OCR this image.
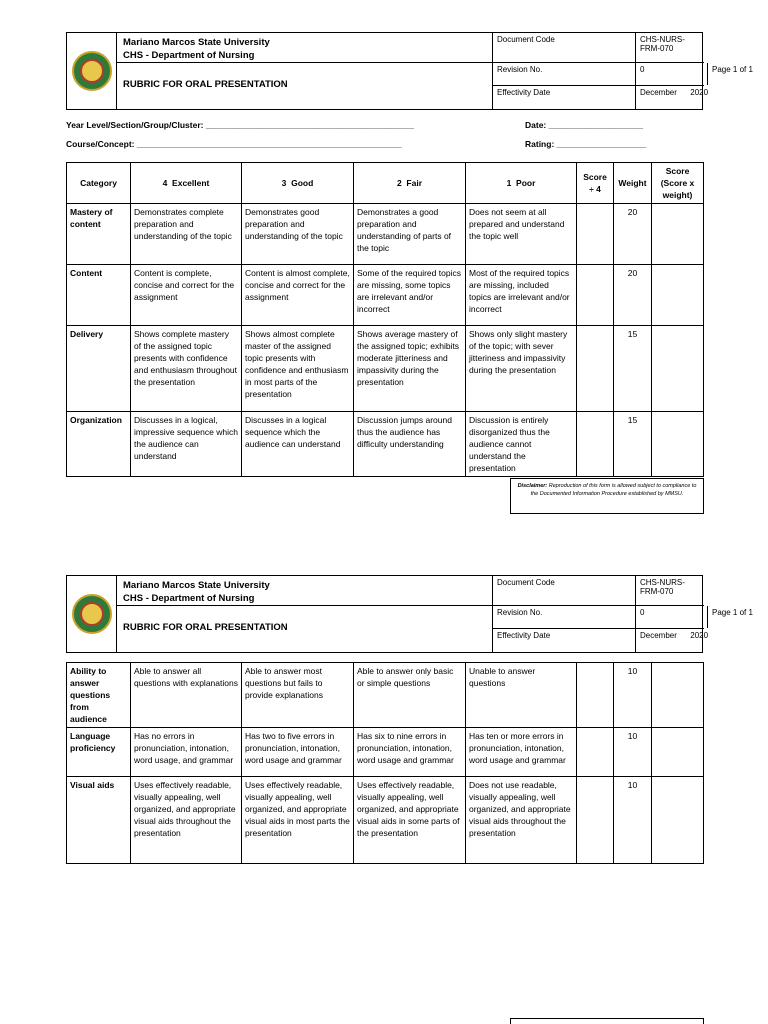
Mariano Marcos State University
CHS - Department of Nursing
RUBRIC FOR ORAL PRESENTATION
Document Code	CHS-NURS-FRM-070
Revision No.	0	Page 1 of 1
Effectivity Date	December      2020
Year Level/Section/Group/Cluster: ____________________________________________
Course/Concept: ________________________________________________________
Date: ____________________
Rating: ___________________
Category	4  Excellent	3  Good	2  Fair	1  Poor	Score ÷ 4	Weight	Score (Score x weight)
Mastery of content	Demonstrates complete preparation and understanding of the topic	Demonstrates good preparation and understanding of the topic	Demonstrates a good preparation and understanding of parts of the topic	Does not seem at all prepared and understand the topic well		20	
Content	Content is complete, concise and correct for the assignment	Content is almost complete, concise and correct for the assignment	Some of the required topics are missing, some topics are irrelevant and/or incorrect	Most of the required topics are missing, included topics are irrelevant and/or incorrect		20	
Delivery	Shows complete mastery of the assigned topic presents with confidence and enthusiasm throughout the presentation	Shows almost complete master of the assigned topic presents with confidence and enthusiasm in most parts of the presentation	Shows average mastery of the assigned topic; exhibits moderate jitteriness and impassivity during the presentation	Shows only slight mastery of the topic; with sever jitteriness and impassivity during the presentation		15	
Organization	Discusses in a logical, impressive sequence which the audience can understand	Discusses in a logical sequence which the audience can understand	Discussion jumps around thus the audience has difficulty understanding	Discussion is entirely disorganized thus the audience cannot understand the presentation		15	
Disclaimer: Reproduction of this form is allowed subject to compliance to the Documented Information Procedure established by MMSU.
Mariano Marcos State University
CHS - Department of Nursing
RUBRIC FOR ORAL PRESENTATION
Document Code	CHS-NURS-FRM-070
Revision No.	0	Page 1 of 1
Effectivity Date	December      2020
Ability to answer questions from audience	Able to answer all questions with explanations	Able to answer most questions but fails to provide explanations	Able to answer only basic or simple questions	Unable to answer questions		10	
Language proficiency	Has no errors in pronunciation, intonation, word usage, and grammar	Has two to five errors in pronunciation, intonation, word usage and grammar	Has six to nine errors in pronunciation, intonation, word usage and grammar	Has ten or more errors in pronunciation, intonation, word usage and grammar		10	
Visual aids	Uses effectively readable, visually appealing, well organized, and appropriate visual aids throughout the presentation	Uses effectively readable, visually appealing, well organized, and appropriate visual aids in most parts the presentation	Uses effectively readable, visually appealing, well organized, and appropriate visual aids in some parts of the presentation	Does not use readable, visually appealing, well organized, and appropriate visual aids throughout the presentation		10	
